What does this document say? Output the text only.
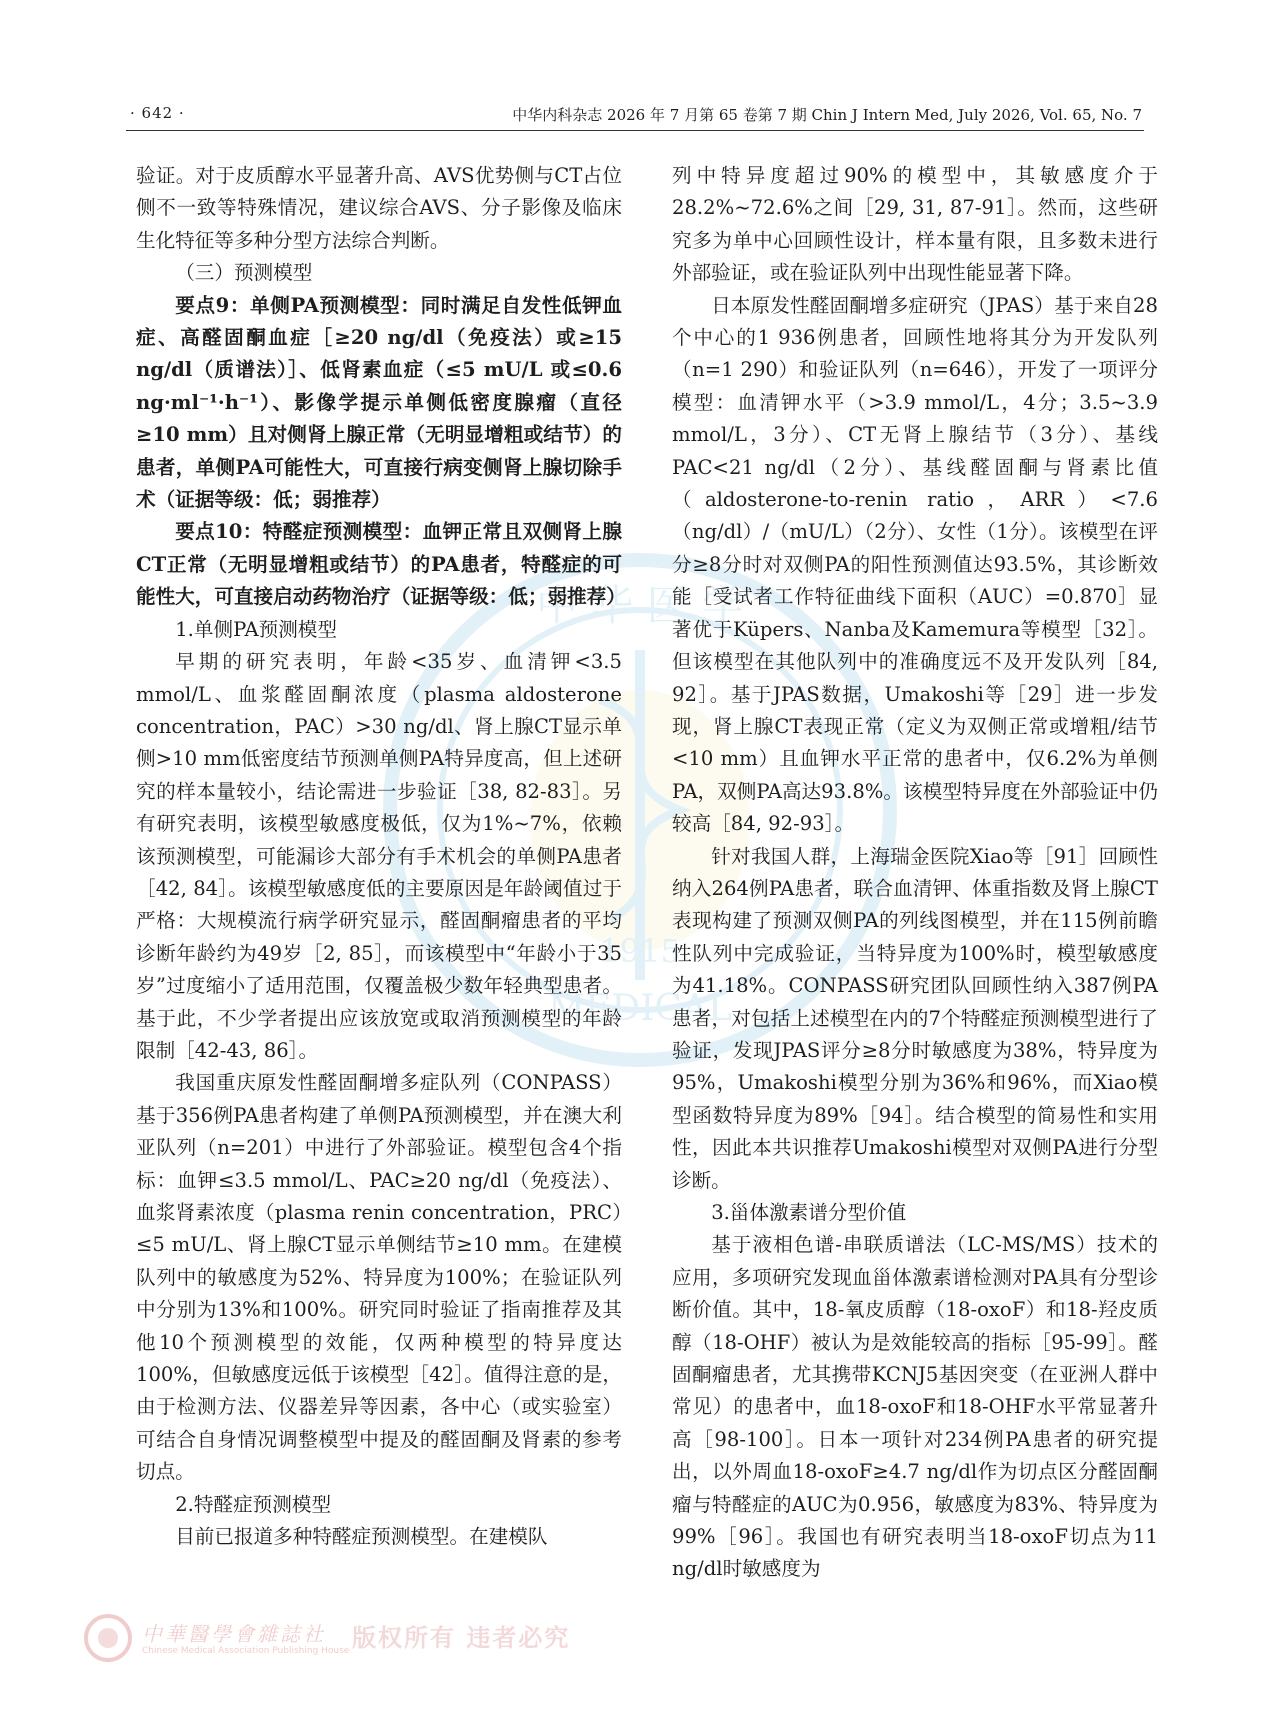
· 642 ·	中华内科杂志 2026 年 7 月第 65 卷第 7 期 Chin J Intern Med, July 2026, Vol. 65, No. 7
中 华 医 学
1915
MEDICAL

验证。对于皮质醇水平显著升高、AVS优势侧与CT占位侧不一致等特殊情况，建议综合AVS、分子影像及临床生化特征等多种分型方法综合判断。

（三）预测模型

要点9：单侧PA预测模型：同时满足自发性低钾血症、高醛固酮血症［≥20 ng/dl（免疫法）或≥15 ng/dl（质谱法）］、低肾素血症（≤5 mU/L 或≤0.6 ng·ml⁻¹·h⁻¹）、影像学提示单侧低密度腺瘤（直径≥10 mm）且对侧肾上腺正常（无明显增粗或结节）的患者，单侧PA可能性大，可直接行病变侧肾上腺切除手术（证据等级：低；弱推荐）

要点10：特醛症预测模型：血钾正常且双侧肾上腺CT正常（无明显增粗或结节）的PA患者，特醛症的可能性大，可直接启动药物治疗（证据等级：低；弱推荐）

1.单侧PA预测模型

早期的研究表明，年龄<35岁、血清钾<3.5 mmol/L、血浆醛固酮浓度（plasma aldosterone concentration，PAC）>30 ng/dl、肾上腺CT显示单侧>10 mm低密度结节预测单侧PA特异度高，但上述研究的样本量较小，结论需进一步验证［38, 82-83］。另有研究表明，该模型敏感度极低，仅为1%~7%，依赖该预测模型，可能漏诊大部分有手术机会的单侧PA患者［42, 84］。该模型敏感度低的主要原因是年龄阈值过于严格：大规模流行病学研究显示，醛固酮瘤患者的平均诊断年龄约为49岁［2, 85］，而该模型中“年龄小于35岁”过度缩小了适用范围，仅覆盖极少数年轻典型患者。基于此，不少学者提出应该放宽或取消预测模型的年龄限制［42-43, 86］。

我国重庆原发性醛固酮增多症队列（CONPASS）基于356例PA患者构建了单侧PA预测模型，并在澳大利亚队列（n=201）中进行了外部验证。模型包含4个指标：血钾≤3.5 mmol/L、PAC≥20 ng/dl（免疫法）、血浆肾素浓度（plasma renin concentration，PRC）≤5 mU/L、肾上腺CT显示单侧结节≥10 mm。在建模队列中的敏感度为52%、特异度为100%；在验证队列中分别为13%和100%。研究同时验证了指南推荐及其他10个预测模型的效能，仅两种模型的特异度达100%，但敏感度远低于该模型［42］。值得注意的是，由于检测方法、仪器差异等因素，各中心（或实验室）可结合自身情况调整模型中提及的醛固酮及肾素的参考切点。

2.特醛症预测模型

目前已报道多种特醛症预测模型。在建模队

列中特异度超过90%的模型中，其敏感度介于28.2%~72.6%之间［29, 31, 87-91］。然而，这些研究多为单中心回顾性设计，样本量有限，且多数未进行外部验证，或在验证队列中出现性能显著下降。

日本原发性醛固酮增多症研究（JPAS）基于来自28个中心的1 936例患者，回顾性地将其分为开发队列（n=1 290）和验证队列（n=646），开发了一项评分模型：血清钾水平（>3.9 mmol/L，4分；3.5~3.9 mmol/L，3分）、CT无肾上腺结节（3分）、基线PAC<21 ng/dl（2分）、基线醛固酮与肾素比值（aldosterone-to-renin ratio，ARR）<7.6（ng/dl）/（mU/L）（2分）、女性（1分）。该模型在评分≥8分时对双侧PA的阳性预测值达93.5%，其诊断效能［受试者工作特征曲线下面积（AUC）=0.870］显著优于Küpers、Nanba及Kamemura等模型［32］。但该模型在其他队列中的准确度远不及开发队列［84, 92］。基于JPAS数据，Umakoshi等［29］进一步发现，肾上腺CT表现正常（定义为双侧正常或增粗/结节<10 mm）且血钾水平正常的患者中，仅6.2%为单侧PA，双侧PA高达93.8%。该模型特异度在外部验证中仍较高［84, 92-93］。

针对我国人群，上海瑞金医院Xiao等［91］回顾性纳入264例PA患者，联合血清钾、体重指数及肾上腺CT表现构建了预测双侧PA的列线图模型，并在115例前瞻性队列中完成验证，当特异度为100%时，模型敏感度为41.18%。CONPASS研究团队回顾性纳入387例PA患者，对包括上述模型在内的7个特醛症预测模型进行了验证，发现JPAS评分≥8分时敏感度为38%，特异度为95%，Umakoshi模型分别为36%和96%，而Xiao模型函数特异度为89%［94］。结合模型的简易性和实用性，因此本共识推荐Umakoshi模型对双侧PA进行分型诊断。

3.甾体激素谱分型价值

基于液相色谱-串联质谱法（LC-MS/MS）技术的应用，多项研究发现血甾体激素谱检测对PA具有分型诊断价值。其中，18-氧皮质醇（18-oxoF）和18-羟皮质醇（18-OHF）被认为是效能较高的指标［95-99］。醛固酮瘤患者，尤其携带KCNJ5基因突变（在亚洲人群中常见）的患者中，血18-oxoF和18-OHF水平常显著升高［98-100］。日本一项针对234例PA患者的研究提出，以外周血18-oxoF≥4.7 ng/dl作为切点区分醛固酮瘤与特醛症的AUC为0.956，敏感度为83%、特异度为99%［96］。我国也有研究表明当18-oxoF切点为11 ng/dl时敏感度为

中華醫學會雜誌社
Chinese Medical Association Publishing House 版权所有 违者必究
